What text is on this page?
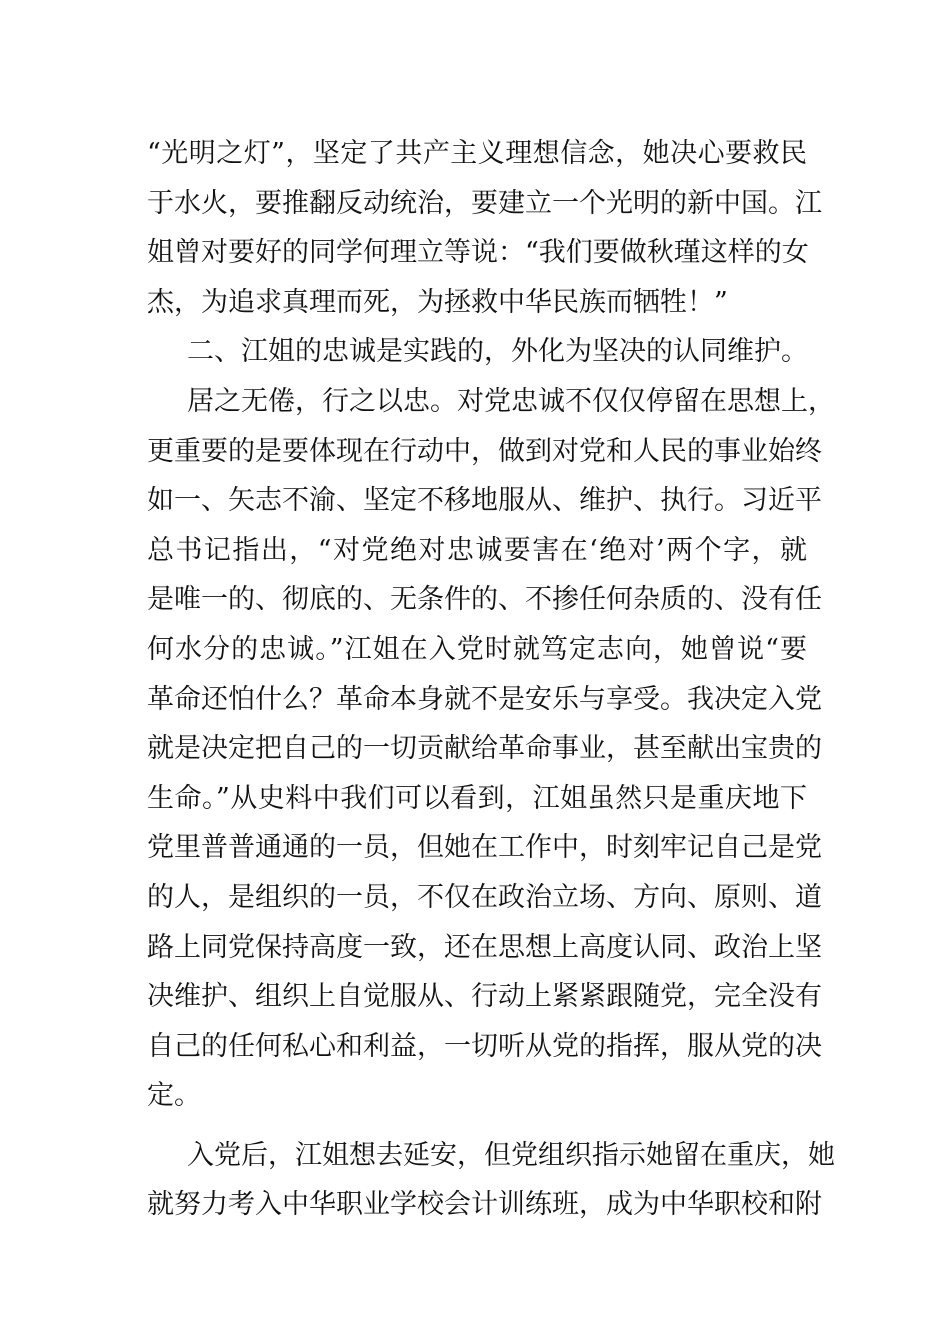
“光明之灯”，坚定了共产主义理想信念，她决心要救民
于水火，要推翻反动统治，要建立一个光明的新中国。江
姐曾对要好的同学何理立等说：“我们要做秋瑾这样的女
杰，为追求真理而死，为拯救中华民族而牺牲！”
二、江姐的忠诚是实践的，外化为坚决的认同维护。
居之无倦，行之以忠。对党忠诚不仅仅停留在思想上，
更重要的是要体现在行动中，做到对党和人民的事业始终
如一、矢志不渝、坚定不移地服从、维护、执行。习近平
总书记指出，“对党绝对忠诚要害在‘绝对’两个字，就
是唯一的、彻底的、无条件的、不掺任何杂质的、没有任
何水分的忠诚。”江姐在入党时就笃定志向，她曾说“要
革命还怕什么？革命本身就不是安乐与享受。我决定入党
就是决定把自己的一切贡献给革命事业，甚至献出宝贵的
生命。”从史料中我们可以看到，江姐虽然只是重庆地下
党里普普通通的一员，但她在工作中，时刻牢记自己是党
的人，是组织的一员，不仅在政治立场、方向、原则、道
路上同党保持高度一致，还在思想上高度认同、政治上坚
决维护、组织上自觉服从、行动上紧紧跟随党，完全没有
自己的任何私心和利益，一切听从党的指挥，服从党的决
定。
入党后，江姐想去延安，但党组织指示她留在重庆，她
就努力考入中华职业学校会计训练班，成为中华职校和附
